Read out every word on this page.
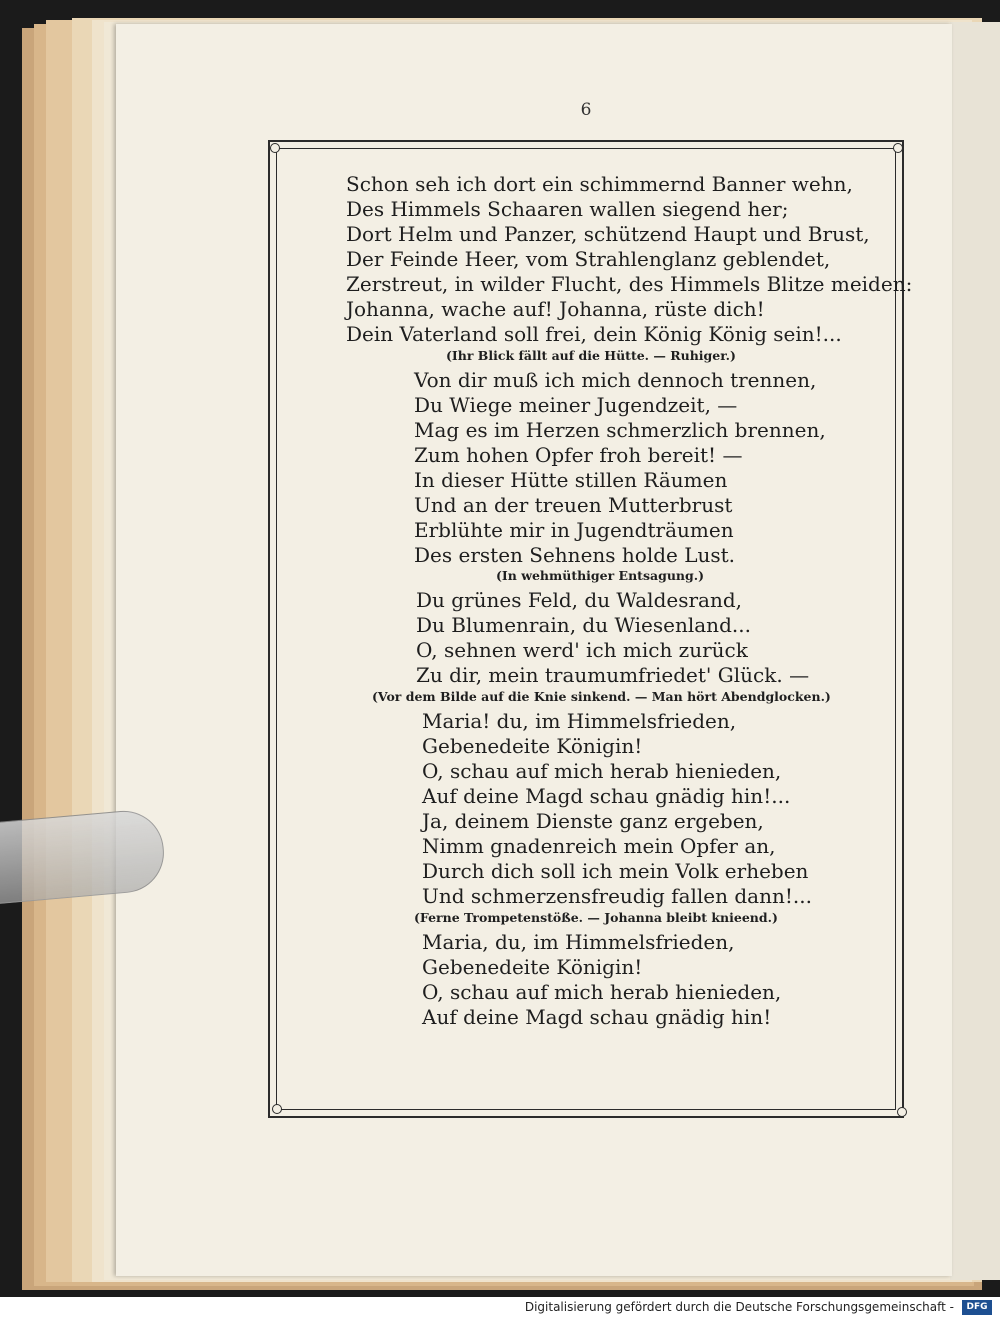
6
Schon seh ich dort ein schimmernd Banner wehn,
Des Himmels Schaaren wallen siegend her;
Dort Helm und Panzer, schützend Haupt und Brust,
Der Feinde Heer, vom Strahlenglanz geblendet,
Zerstreut, in wilder Flucht, des Himmels Blitze meiden:
Johanna, wache auf! Johanna, rüste dich!
Dein Vaterland soll frei, dein König König sein!...
(Ihr Blick fällt auf die Hütte. — Ruhiger.)
Von dir muß ich mich dennoch trennen,
Du Wiege meiner Jugendzeit, —
Mag es im Herzen schmerzlich brennen,
Zum hohen Opfer froh bereit! —
In dieser Hütte stillen Räumen
Und an der treuen Mutterbrust
Erblühte mir in Jugendträumen
Des ersten Sehnens holde Lust.
(In wehmüthiger Entsagung.)
Du grünes Feld, du Waldesrand,
Du Blumenrain, du Wiesenland...
O, sehnen werd' ich mich zurück
Zu dir, mein traumumfriedet' Glück. —
(Vor dem Bilde auf die Knie sinkend. — Man hört Abendglocken.)
Maria! du, im Himmelsfrieden,
Gebenedeite Königin!
O, schau auf mich herab hienieden,
Auf deine Magd schau gnädig hin!...
Ja, deinem Dienste ganz ergeben,
Nimm gnadenreich mein Opfer an,
Durch dich soll ich mein Volk erheben
Und schmerzensfreudig fallen dann!...
(Ferne Trompetenstöße. — Johanna bleibt knieend.)
Maria, du, im Himmelsfrieden,
Gebenedeite Königin!
O, schau auf mich herab hienieden,
Auf deine Magd schau gnädig hin!
Digitalisierung gefördert durch die Deutsche Forschungsgemeinschaft -	DFG
